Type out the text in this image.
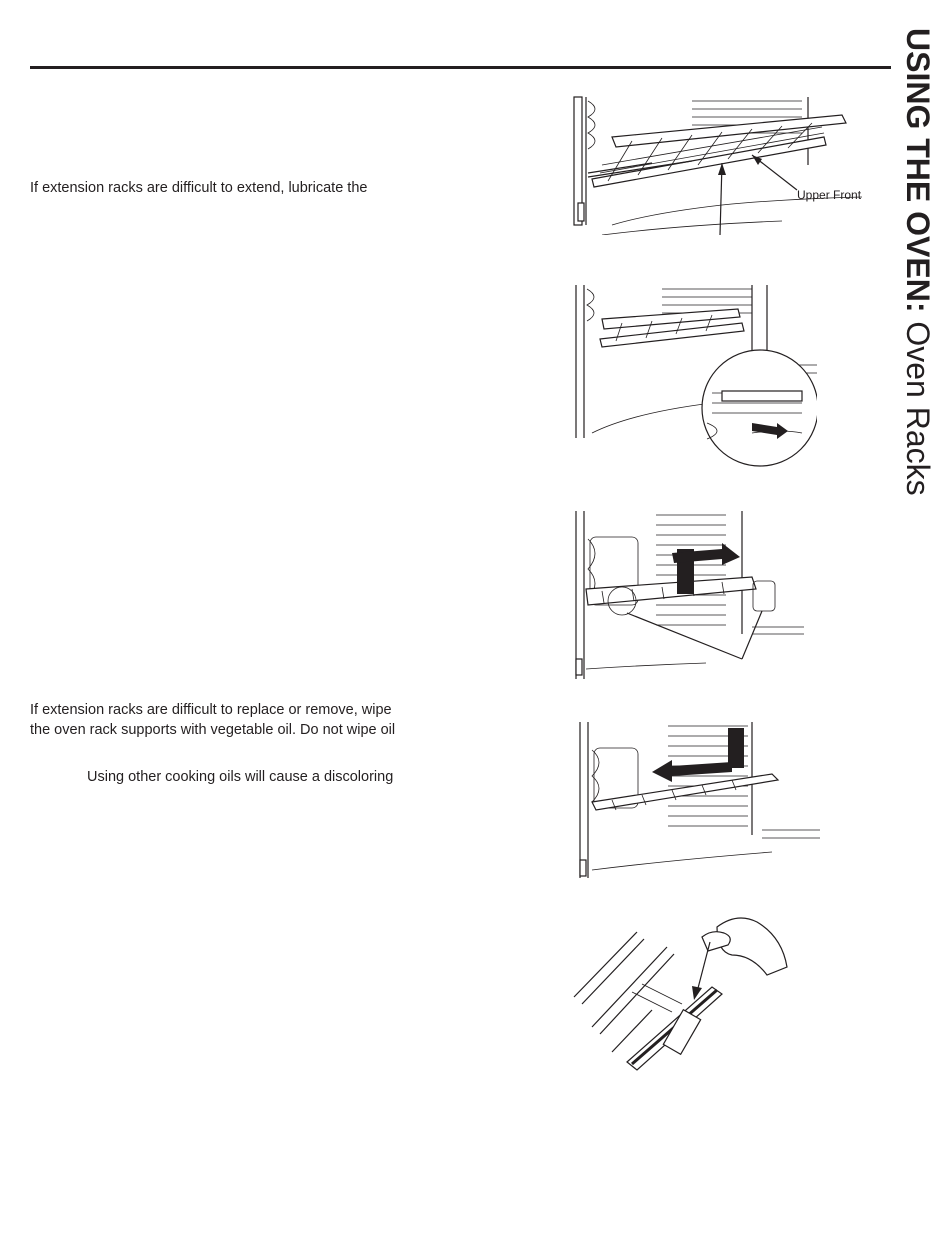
USING THE OVEN: Oven Racks
If extension racks are difficult to extend, lubricate the
If extension racks are difficult to replace or remove, wipe
the oven rack supports with vegetable oil. Do not wipe oil
Using other cooking oils will cause a discoloring
Upper Front
